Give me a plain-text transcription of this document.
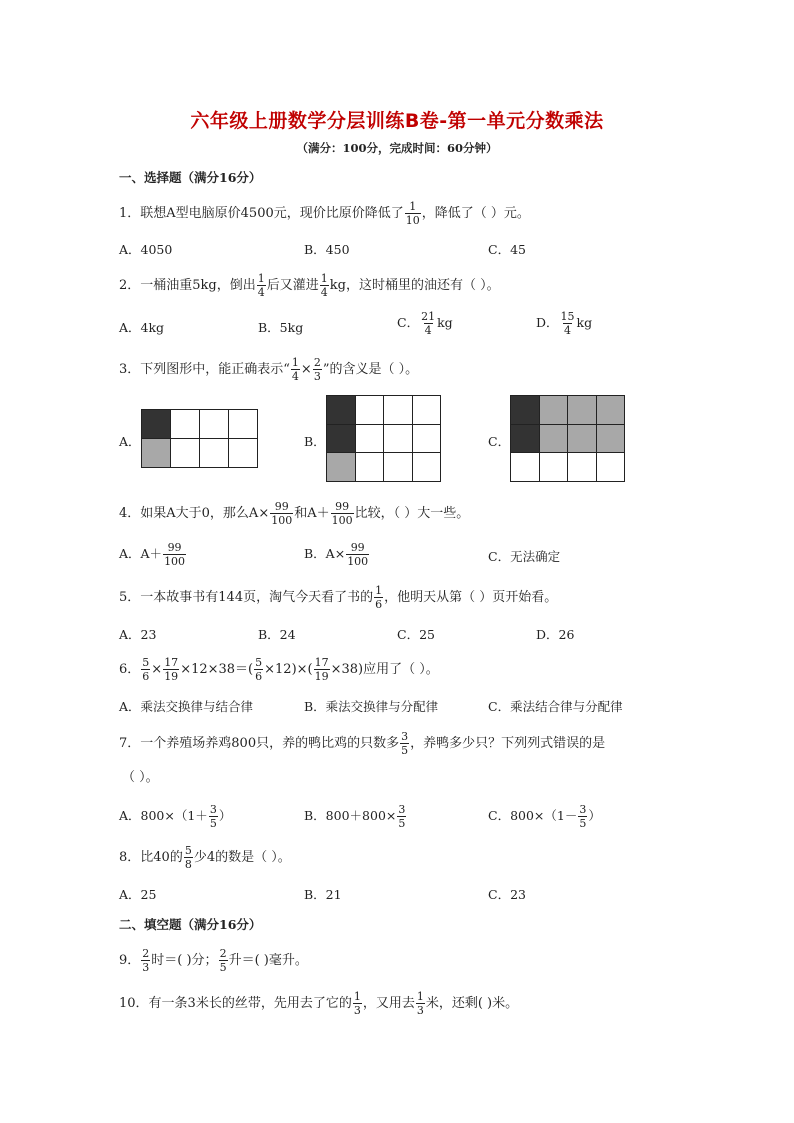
六年级上册数学分层训练B卷-第一单元分数乘法
（满分：100分，完成时间：60分钟）
一、选择题（满分16分）
1．联想A型电脑原价4500元，现价比原价降低了 $\frac{1}{10}$ ，降低了（ ）元。
A．4050	B．450	C．45
2．一桶油重5kg，倒出 $\frac{1}{4}$ 后又灌进 $\frac{1}{4}$ kg，这时桶里的油还有（ ）。
A．4kg	B．5kg	C． $\frac{21}{4}$ kg	D． $\frac{15}{4}$ kg
3．下列图形中，能正确表示“ $\frac{1}{4} \times \frac{2}{3}$ ”的含义是（ ）。
A．	B．	C．
4．如果A大于0，那么$A\times \frac{99}{100}$ 和$A+ \frac{99}{100}$ 比较，（ ）大一些。
A．$A+ \frac{99}{100}$	B．$A\times \frac{99}{100}$	C．无法确定
5．一本故事书有144页，淘气今天看了书的 $\frac{1}{6}$ ，他明天从第（ ）页开始看。
A．23	B．24	C．25	D．26
6． $\frac{5}{6} \times \frac{17}{19} \times 12\times 38=( \frac{5}{6} \times 12)\times( \frac{17}{19} \times 38)$应用了（ ）。
A．乘法交换律与结合律	B．乘法交换律与分配律	C．乘法结合律与分配律
7．一个养殖场养鸡800只，养的鸭比鸡的只数多 $\frac{3}{5}$ ，养鸭多少只？下列列式错误的是
（ ）。
A．$800\times(1+ \frac{3}{5}$ ）	B．$800+800\times \frac{3}{5}$	C．$800\times(1- \frac{3}{5}$ ）
8．比40的 $\frac{5}{8}$ 少4的数是（ ）。
A．25	B．21	C．23
二、填空题（满分16分）
9． $\frac{2}{3}$ 时＝( )分； $\frac{2}{5}$ 升＝( )毫升。
10．有一条3米长的丝带，先用去了它的 $\frac{1}{3}$ ，又用去 $\frac{1}{3}$ 米，还剩( )米。
